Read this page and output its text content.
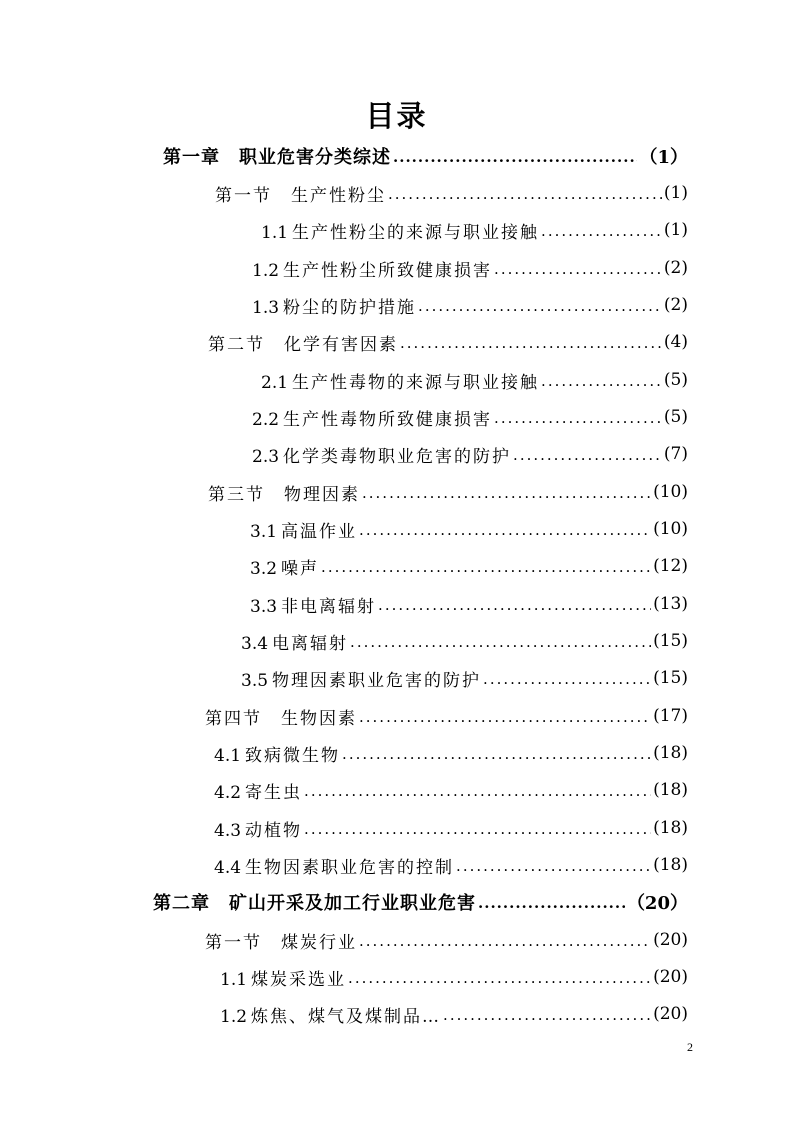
目录
第一章　职业危害分类综述 .....	（1）
第一节　生产性粉尘 .....	(1)
1.1 生产性粉尘的来源与职业接触 .....	(1)
1.2 生产性粉尘所致健康损害 .....	(2)
1.3 粉尘的防护措施 .....	(2)
第二节　化学有害因素 .....	(4)
2.1 生产性毒物的来源与职业接触 .....	(5)
2.2 生产性毒物所致健康损害 .....	(5)
2.3 化学类毒物职业危害的防护 .....	(7)
第三节　物理因素 .....	(10)
3.1 高温作业 .....	(10)
3.2 噪声 .....	(12)
3.3 非电离辐射 .....	(13)
3.4 电离辐射 .....	(15)
3.5 物理因素职业危害的防护 .....	(15)
第四节　生物因素 .....	(17)
4.1 致病微生物 .....	(18)
4.2 寄生虫 .....	(18)
4.3 动植物 .....	(18)
4.4 生物因素职业危害的控制 .....	(18)
第二章　矿山开采及加工行业职业危害 .....	（20）
第一节　煤炭行业 .....	(20)
1.1 煤炭采选业 .....	(20)
1.2 炼焦、煤气及煤制品… .....	(20)
2
